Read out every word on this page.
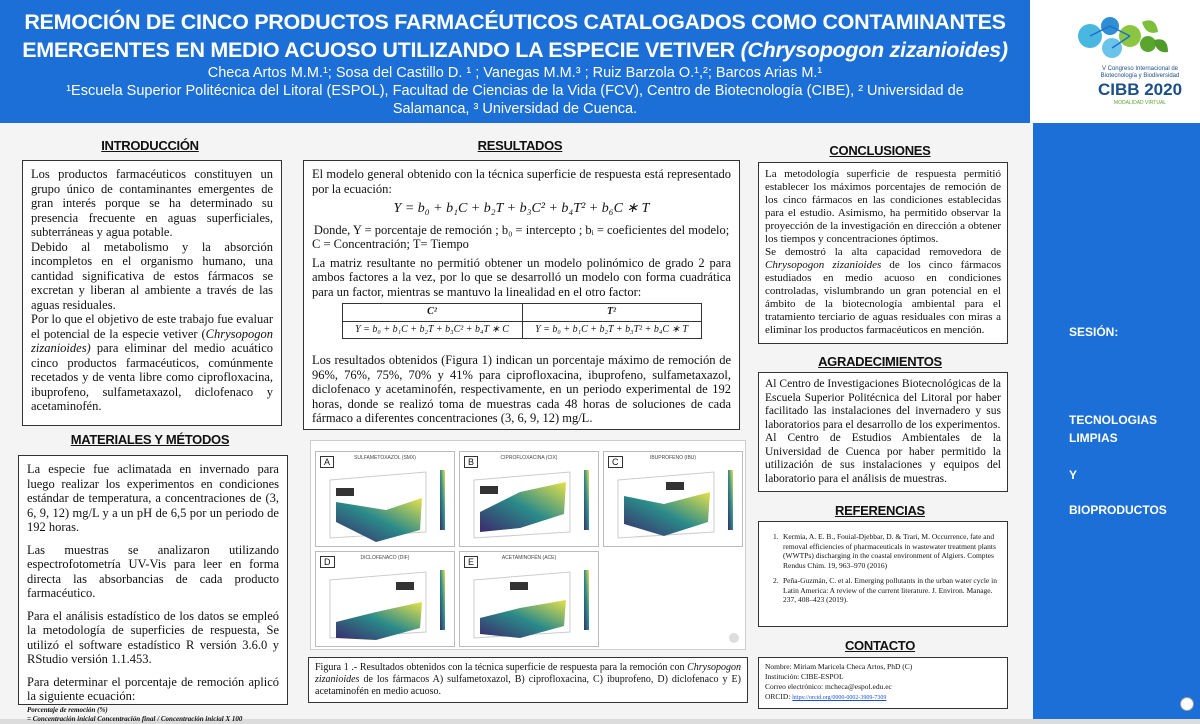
REMOCIÓN DE CINCO PRODUCTOS FARMACÉUTICOS CATALOGADOS COMO CONTAMINANTES
EMERGENTES EN MEDIO ACUOSO UTILIZANDO LA ESPECIE VETIVER (Chrysopogon zizanioides)
Checa Artos M.M.¹; Sosa del Castillo D. ¹ ; Vanegas M.M.³ ; Ruiz Barzola O.¹,²; Barcos Arias M.¹
¹Escuela Superior Politécnica del Litoral (ESPOL), Facultad de Ciencias de la Vida (FCV), Centro de Biotecnología (CIBE), ² Universidad de
Salamanca, ³ Universidad de Cuenca.
V Congreso Internacional de
Biotecnología y Biodiversidad
CIBB 2020
MODALIDAD VIRTUAL
SESIÓN:
TECNOLOGIAS
LIMPIAS
Y
BIOPRODUCTOS
INTRODUCCIÓN

Los productos farmacéuticos constituyen un grupo único de contaminantes emergentes de gran interés porque se ha determinado su presencia frecuente en aguas superficiales, subterráneas y agua potable.

Debido al metabolismo y la absorción incompletos en el organismo humano, una cantidad significativa de estos fármacos se excretan y liberan al ambiente a través de las aguas residuales.

Por lo que el objetivo de este trabajo fue evaluar el potencial de la especie vetiver (Chrysopogon zizanioides) para eliminar del medio acuático cinco productos farmacéuticos, comúnmente recetados y de venta libre como ciprofloxacina, ibuprofeno, sulfametaxazol, diclofenaco y acetaminofén.

MATERIALES Y MÉTODOS

La especie fue aclimatada en invernado para luego realizar los experimentos en condiciones estándar de temperatura, a concentraciones de (3, 6, 9, 12) mg/L y a un pH de 6,5 por un periodo de 192 horas.

Las muestras se analizaron utilizando espectrofotometría UV-Vis para leer en forma directa las absorbancias de cada producto farmacéutico.

Para el análisis estadístico de los datos se empleó la metodología de superficies de respuesta, Se utilizó el software estadístico R versión 3.6.0 y RStudio versión 1.1.453.

Para determinar el porcentaje de remoción aplicó la siguiente ecuación:

Porcentaje de remoción (%)
= Concentración inicial Concentración final / Concentración inicial X 100
RESULTADOS

El modelo general obtenido con la técnica superficie de respuesta está representado por la ecuación:

Y = b₀ + b₁C + b₂T + b₃C² + b₄T² + b₆C ∗ T

Donde, Y = porcentaje de remoción ; b₀ = intercepto ; bᵢ = coeficientes del modelo;

C = Concentración; T= Tiempo

La matriz resultante no permitió obtener un modelo polinómico de grado 2 para ambos factores a la vez, por lo que se desarrolló un modelo con forma cuadrática para un factor, mientras se mantuvo la linealidad en el otro factor:

C²	T²
Y = b₀ + b₁C + b₂T + b₃C² + b₄T ∗ C	Y = b₀ + b₁C + b₂T + b₃T² + b₄C ∗ T

Los resultados obtenidos (Figura 1) indican un porcentaje máximo de remoción de 96%, 76%, 75%, 70% y 41% para ciprofloxacina, ibuprofeno, sulfametaxazol, diclofenaco y acetaminofén, respectivamente, en un periodo experimental de 192 horas, donde se realizó toma de muestras cada 48 horas de soluciones de cada fármaco a diferentes concentraciones (3, 6, 9, 12) mg/L.

A	SULFAMETOXAZOL (SMX)	B	CIPROFLOXACINA (CIX)	C	IBUPROFENO (IBU)
D	DICLOFENACO (DIF)	E	ACETAMINOFÉN (ACE)
Figura 1 .- Resultados obtenidos con la técnica superficie de respuesta para la remoción con Chrysopogon zizanioides de los fármacos A) sulfametoxazol, B) ciprofloxacina, C) ibuprofeno, D) diclofenaco y E) acetaminofén en medio acuoso.
CONCLUSIONES

La metodología superficie de respuesta permitió establecer los máximos porcentajes de remoción de los cinco fármacos en las condiciones establecidas para el estudio. Asimismo, ha permitido observar la proyección de la investigación en dirección a obtener los tiempos y concentraciones óptimos.

Se demostró la alta capacidad removedora de Chrysopogon zizanioides de los cinco fármacos estudiados en medio acuoso en condiciones controladas, vislumbrando un gran potencial en el ámbito de la biotecnología ambiental para el tratamiento terciario de aguas residuales con miras a eliminar los productos farmacéuticos en mención.

AGRADECIMIENTOS

Al Centro de Investigaciones Biotecnológicas de la Escuela Superior Politécnica del Litoral por haber facilitado las instalaciones del invernadero y sus laboratorios para el desarrollo de los experimentos.

Al Centro de Estudios Ambientales de la Universidad de Cuenca por haber permitido la utilización de sus instalaciones y equipos del laboratorio para el análisis de muestras.

REFERENCIAS
1. Kermia, A. E. B., Fouial-Djebbar, D. & Trari, M. Occurrence, fate and removal efficiencies of pharmaceuticals in wastewater treatment plants (WWTPs) discharging in the coastal environment of Algiers. Comptes Rendus Chim. 19, 963–970 (2016)
2. Peña-Guzmán, C. et al. Emerging pollutants in the urban water cycle in Latin America: A review of the current literature. J. Environ. Manage. 237, 408–423 (2019).
CONTACTO
Nombre: Miriam Maricela Checa Artos, PhD (C)
Institución: CIBE-ESPOL
Correo electrónico: mcheca@espol.edu.ec
ORCID: https://orcid.org/0000-0002-3909-7309
